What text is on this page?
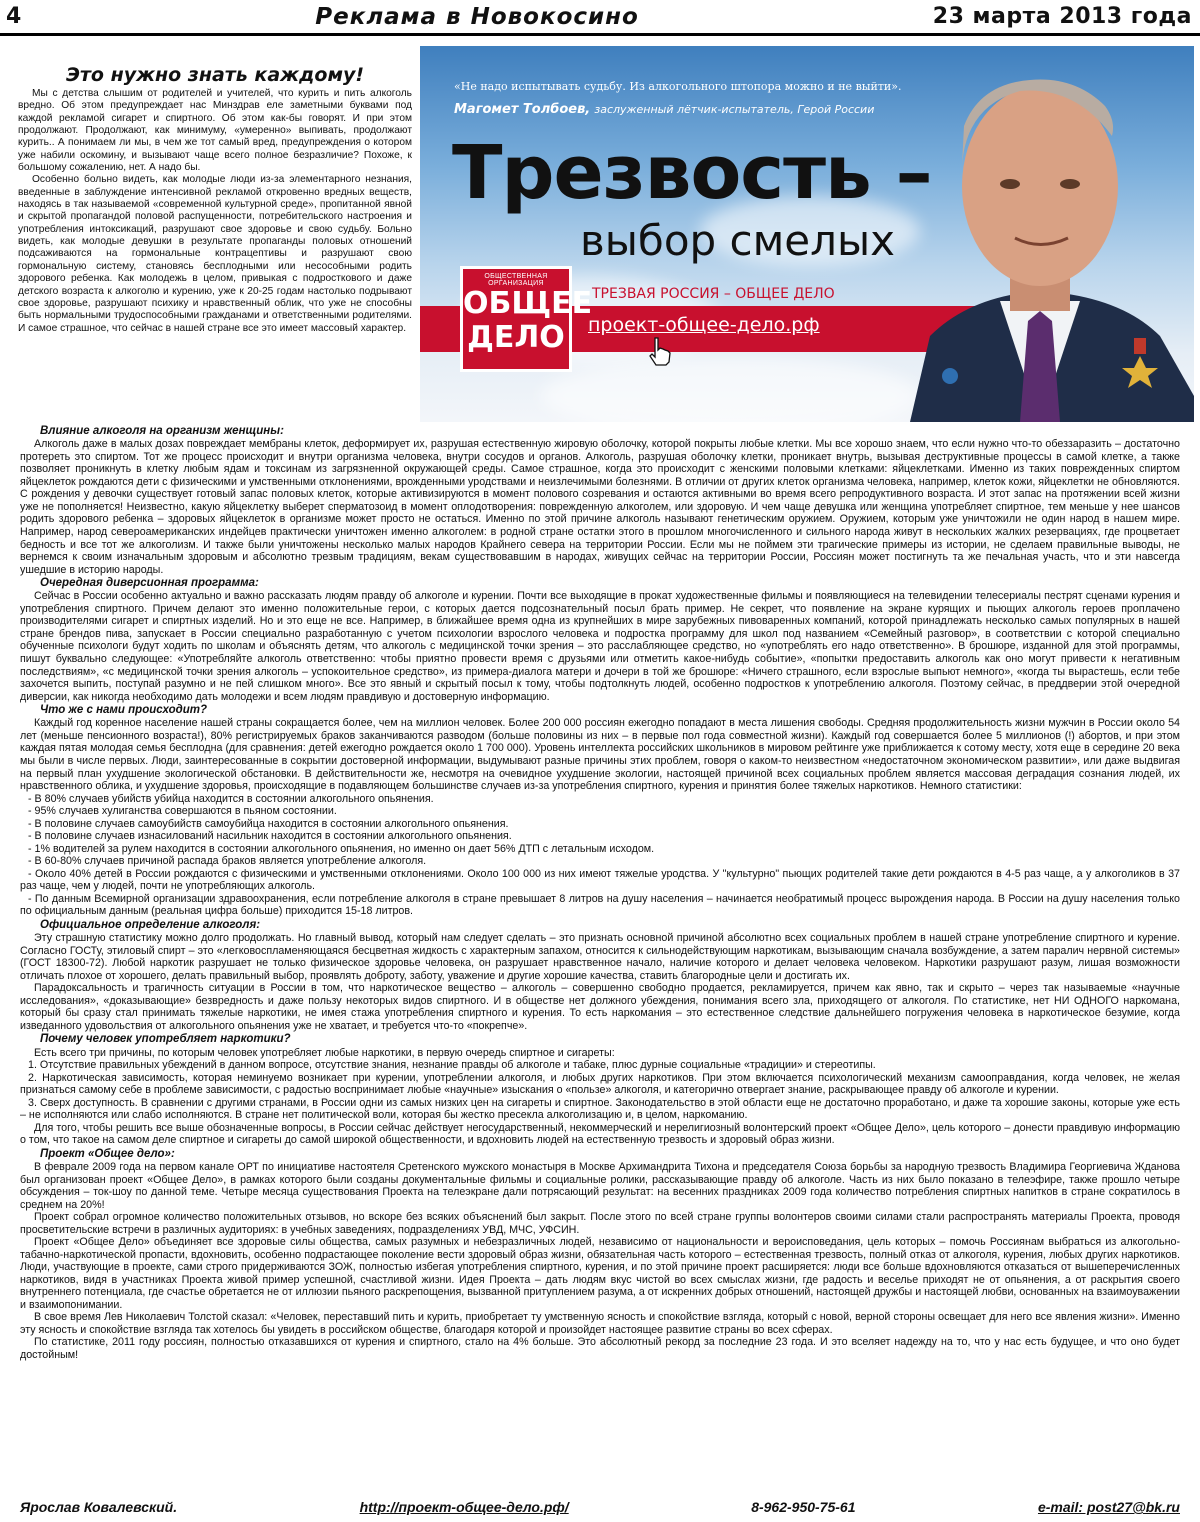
4	Реклама в Новокосино	23 марта 2013 года
Это нужно знать каждому!

Мы с детства слышим от родителей и учителей, что курить и пить алкоголь вредно. Об этом предупреждает нас Минздрав еле заметными буквами под каждой рекламой сигарет и спиртного. Об этом как-бы говорят. И при этом продолжают. Продолжают, как минимуму, «умеренно» выпивать, продолжают курить.. А понимаем ли мы, в чем же тот самый вред, предупреждения о котором уже набили оскомину, и вызывают чаще всего полное безразличие? Похоже, к большому сожалению, нет. А надо бы.

Особенно больно видеть, как молодые люди из-за элементарного незнания, введенные в заблуждение интенсивной рекламой откровенно вредных веществ, находясь в так называемой «современной культурной среде», пропитанной явной и скрытой пропагандой половой распущенности, потребительского настроения и употребления интоксикаций, разрушают свое здоровье и свою судьбу. Больно видеть, как молодые девушки в результате пропаганды половых отношений подсаживаются на гормональные контрацептивы и разрушают свою гормональную систему, становясь бесплодными или несособными родить здорового ребенка. Как молодежь в целом, привыкая с подросткового и даже детского возраста к алкоголю и курению, уже к 20-25 годам настолько подрывают свое здоровье, разрушают психику и нравственный облик, что уже не способны быть нормальными трудоспособными гражданами и ответственными родителями. И самое страшное, что сейчас в нашей стране все это имеет массовый характер.

«Не надо испытывать судьбу. Из алкогольного штопора можно и не выйти».
Магомет Толбоев, заслуженный лётчик-испытатель, Герой России
Трезвость –
выбор смелых
ТРЕЗВАЯ РОССИЯ – ОБЩЕЕ ДЕЛО
проект-общее-дело.рф
ОБЩЕСТВЕННАЯ ОРГАНИЗАЦИЯ
ОБЩЕЕ
ДЕЛО
Влияние алкоголя на организм женщины:

Алкоголь даже в малых дозах повреждает мембраны клеток, деформирует их, разрушая естественную жировую оболочку, которой покрыты любые клетки. Мы все хорошо знаем, что если нужно что-то обеззаразить – достаточно протереть это спиртом. Тот же процесс происходит и внутри организма человека, внутри сосудов и органов. Алкоголь, разрушая оболочку клетки, проникает внутрь, вызывая деструктивные процессы в самой клетке, а также позволяет проникнуть в клетку любым ядам и токсинам из загрязненной окружающей среды. Самое страшное, когда это происходит с женскими половыми клетками: яйцеклетками. Именно из таких поврежденных спиртом яйцеклеток рождаются дети с физическими и умственными отклонениями, врожденными уродствами и неизлечимыми болезнями. В отличии от других клеток организма человека, например, клеток кожи, яйцеклетки не обновляются. С рождения у девочки существует готовый запас половых клеток, которые активизируются в момент полового созревания и остаются активными во время всего репродуктивного возраста. И этот запас на протяжении всей жизни уже не пополняется! Неизвестно, какую яйцеклетку выберет сперматозоид в момент оплодотворения: поврежденную алкоголем, или здоровую. И чем чаще девушка или женщина употребляет спиртное, тем меньше у нее шансов родить здорового ребенка – здоровых яйцеклеток в организме может просто не остаться. Именно по этой причине алкоголь называют генетическим оружием. Оружием, которым уже уничтожили не один народ в нашем мире. Например, народ североамериканских индейцев практически уничтожен именно алкоголем: в родной стране остатки этого в прошлом многочисленного и сильного народа живут в нескольких жалких резервациях, где процветает бедность и все тот же алкоголизм. И также были уничтожены несколько малых народов Крайнего севера на территории России. Если мы не поймем эти трагические примеры из истории, не сделаем правильные выводы, не вернемся к своим изначальным здоровым и абсолютно трезвым традициям, векам существовавшим в народах, живущих сейчас на территории России, Россиян может постигнуть та же печальная участь, что и эти навсегда ушедшие в историю народы.

Очередная диверсионная программа:

Сейчас в России особенно актуально и важно рассказать людям правду об алкоголе и курении. Почти все выходящие в прокат художественные фильмы и появляющиеся на телевидении телесериалы пестрят сценами курения и употребления спиртного. Причем делают это именно положительные герои, с которых дается подсознательный посыл брать пример. Не секрет, что появление на экране курящих и пьющих алкоголь героев проплачено производителями сигарет и спиртных изделий. Но и это еще не все. Например, в ближайшее время одна из крупнейших в мире зарубежных пивоваренных компаний, которой принадлежать несколько самых популярных в нашей стране брендов пива, запускает в России специально разработанную с учетом психологии взрослого человека и подростка программу для школ под названием «Семейный разговор», в соответствии с которой специально обученные психологи будут ходить по школам и объяснять детям, что алкоголь с медицинской точки зрения – это расслабляющее средство, но «употреблять его надо ответственно». В брошюре, изданной для этой программы, пишут буквально следующее: «Употребляйте алкоголь ответственно: чтобы приятно провести время с друзьями или отметить какое-нибудь событие», «попытки предоставить алкоголь как оно могут привести к негативным последствиям», «с медицинской точки зрения алкоголь – успокоительное средство», из примера-диалога матери и дочери в той же брошюре: «Ничего страшного, если взрослые выпьют немного», «когда ты вырастешь, если тебе захочется выпить, поступай разумно и не пей слишком много». Все это явный и скрытый посыл к тому, чтобы подтолкнуть людей, особенно подростков к употреблению алкоголя. Поэтому сейчас, в преддверии этой очередной диверсии, как никогда необходимо дать молодежи и всем людям правдивую и достоверную информацию.

Что же с нами происходит?

Каждый год коренное население нашей страны сокращается более, чем на миллион человек. Более 200 000 россиян ежегодно попадают в места лишения свободы. Средняя продолжительность жизни мужчин в России около 54 лет (меньше пенсионного возраста!), 80% регистрируемых браков заканчиваются разводом (больше половины из них – в первые пол года совместной жизни). Каждый год совершается более 5 миллионов (!) абортов, и при этом каждая пятая молодая семья бесплодна (для сравнения: детей ежегодно рождается около 1 700 000). Уровень интеллекта российских школьников в мировом рейтинге уже приближается к сотому месту, хотя еще в середине 20 века мы были в числе первых. Люди, заинтересованные в сокрытии достоверной информации, выдумывают разные причины этих проблем, говоря о каком-то неизвестном «недостаточном экономическом развитии», или даже выдвигая на первый план ухудшение экологической обстановки. В действительности же, несмотря на очевидное ухудшение экологии, настоящей причиной всех социальных проблем является массовая деградация сознания людей, их нравственного облика, и ухудшение здоровья, происходящие в подавляющем большинстве случаев из-за употребления спиртного, курения и принятия более тяжелых наркотиков. Немного статистики:

- В 80% случаев убийств убийца находится в состоянии алкогольного опьянения.

- 95% случаев хулиганства совершаются в пьяном состоянии.

- В половине случаев самоубийств самоубийца находится в состоянии алкогольного опьянения.

- В половине случаев изнасилований насильник находится в состоянии алкогольного опьянения.

- 1% водителей за рулем находится в состоянии алкогольного опьянения, но именно он дает 56% ДТП с летальным исходом.

- В 60-80% случаев причиной распада браков является употребление алкоголя.

- Около 40% детей в России рождаются с физическими и умственными отклонениями. Около 100 000 из них имеют тяжелые уродства. У "культурно" пьющих родителей такие дети рождаются в 4-5 раз чаще, а у алкоголиков в 37 раз чаще, чем у людей, почти не употребляющих алкоголь.

- По данным Всемирной организации здравоохранения, если потребление алкоголя в стране превышает 8 литров на душу населения – начинается необратимый процесс вырождения народа. В России на душу населения только по официальным данным (реальная цифра больше) приходится 15-18 литров.

Официальное определение алкоголя:

Эту страшную статистику можно долго продолжать. Но главный вывод, который нам следует сделать – это признать основной причиной абсолютно всех социальных проблем в нашей стране употребление спиртного и курение. Согласно ГОСТу, этиловый спирт – это «легковоспламеняющаяся бесцветная жидкость с характерным запахом, относится к сильнодействующим наркотикам, вызывающим сначала возбуждение, а затем паралич нервной системы» (ГОСТ 18300-72). Любой наркотик разрушает не только физическое здоровье человека, он разрушает нравственное начало, наличие которого и делает человека человеком. Наркотики разрушают разум, лишая возможности отличать плохое от хорошего, делать правильный выбор, проявлять доброту, заботу, уважение и другие хорошие качества, ставить благородные цели и достигать их.

Парадоксальность и трагичность ситуации в России в том, что наркотическое вещество – алкоголь – совершенно свободно продается, рекламируется, причем как явно, так и скрыто – через так называемые «научные исследования», «доказывающие» безвредность и даже пользу некоторых видов спиртного. И в обществе нет должного убеждения, понимания всего зла, приходящего от алкоголя. По статистике, нет НИ ОДНОГО наркомана, который бы сразу стал принимать тяжелые наркотики, не имея стажа употребления спиртного и курения. То есть наркомания – это естественное следствие дальнейшего погружения человека в наркотическое безумие, когда изведанного удовольствия от алкогольного опьянения уже не хватает, и требуется что-то «покрепче».

Почему человек употребляет наркотики?

Есть всего три причины, по которым человек употребляет любые наркотики, в первую очередь спиртное и сигареты:

1. Отсутствие правильных убеждений в данном вопросе, отсутствие знания, незнание правды об алкоголе и табаке, плюс дурные социальные «традиции» и стереотипы.

2. Наркотическая зависимость, которая неминуемо возникает при курении, употреблении алкоголя, и любых других наркотиков. При этом включается психологический механизм самооправдания, когда человек, не желая признаться самому себе в проблеме зависимости, с радостью воспринимает любые «научные» изыскания о «пользе» алкоголя, и категорично отвергает знание, раскрывающее правду об алкоголе и курении.

3. Сверх доступность. В сравнении с другими странами, в России одни из самых низких цен на сигареты и спиртное. Законодательство в этой области еще не достаточно проработано, и даже та хорошие законы, которые уже есть – не исполняются или слабо исполняются. В стране нет политической воли, которая бы жестко пресекла алкоголизацию и, в целом, наркоманию.

Для того, чтобы решить все выше обозначенные вопросы, в России сейчас действует негосударственный, некоммерческий и нерелигиозный волонтерский проект «Общее Дело», цель которого – донести правдивую информацию о том, что такое на самом деле спиртное и сигареты до самой широкой общественности, и вдохновить людей на естественную трезвость и здоровый образ жизни.

Проект «Общее дело»:

В феврале 2009 года на первом канале ОРТ по инициативе настоятеля Сретенского мужского монастыря в Москве Архимандрита Тихона и председателя Союза борьбы за народную трезвость Владимира Георгиевича Жданова был организован проект «Общее Дело», в рамках которого были созданы документальные фильмы и социальные ролики, рассказывающие правду об алкоголе. Часть из них было показано в телеэфире, также прошло четыре обсуждения – ток-шоу по данной теме. Четыре месяца существования Проекта на телеэкране дали потрясающий результат: на весенних праздниках 2009 года количество потребления спиртных напитков в стране сократилось в среднем на 20%!

Проект собрал огромное количество положительных отзывов, но вскоре без всяких объяснений был закрыт. После этого по всей стране группы волонтеров своими силами стали распространять материалы Проекта, проводя просветительские встречи в различных аудиториях: в учебных заведениях, подразделениях УВД, МЧС, УФСИН.

Проект «Общее Дело» объединяет все здоровые силы общества, самых разумных и небезразличных людей, независимо от национальности и вероисповедания, цель которых – помочь Россиянам выбраться из алкогольно-табачно-наркотической пропасти, вдохновить, особенно подрастающее поколение вести здоровый образ жизни, обязательная часть которого – естественная трезвость, полный отказ от алкоголя, курения, любых других наркотиков. Люди, участвующие в проекте, сами строго придерживаются ЗОЖ, полностью избегая употребления спиртного, курения, и по этой причине проект расширяется: люди все больше вдохновляются отказаться от вышеперечисленных наркотиков, видя в участниках Проекта живой пример успешной, счастливой жизни. Идея Проекта – дать людям вкус чистой во всех смыслах жизни, где радость и веселье приходят не от опьянения, а от раскрытия своего внутреннего потенциала, где счастье обретается не от иллюзии пьяного раскрепощения, вызванной притуплением разума, а от искренних добрых отношений, настоящей дружбы и настоящей любви, основанных на взаимоуважении и взаимопонимании.

В свое время Лев Николаевич Толстой сказал: «Человек, переставший пить и курить, приобретает ту умственную ясность и спокойствие взгляда, который с новой, верной стороны освещает для него все явления жизни». Именно эту ясность и спокойствие взгляда так хотелось бы увидеть в российском обществе, благодаря которой и произойдет настоящее развитие страны во всех сферах.

По статистике, 2011 году россиян, полностью отказавшихся от курения и спиртного, стало на 4% больше. Это абсолютный рекорд за последние 23 года. И это вселяет надежду на то, что у нас есть будущее, и что оно будет достойным!

Ярослав Ковалевский.	http://проект-общее-дело.рф/	8-962-950-75-61	e-mail: post27@bk.ru
